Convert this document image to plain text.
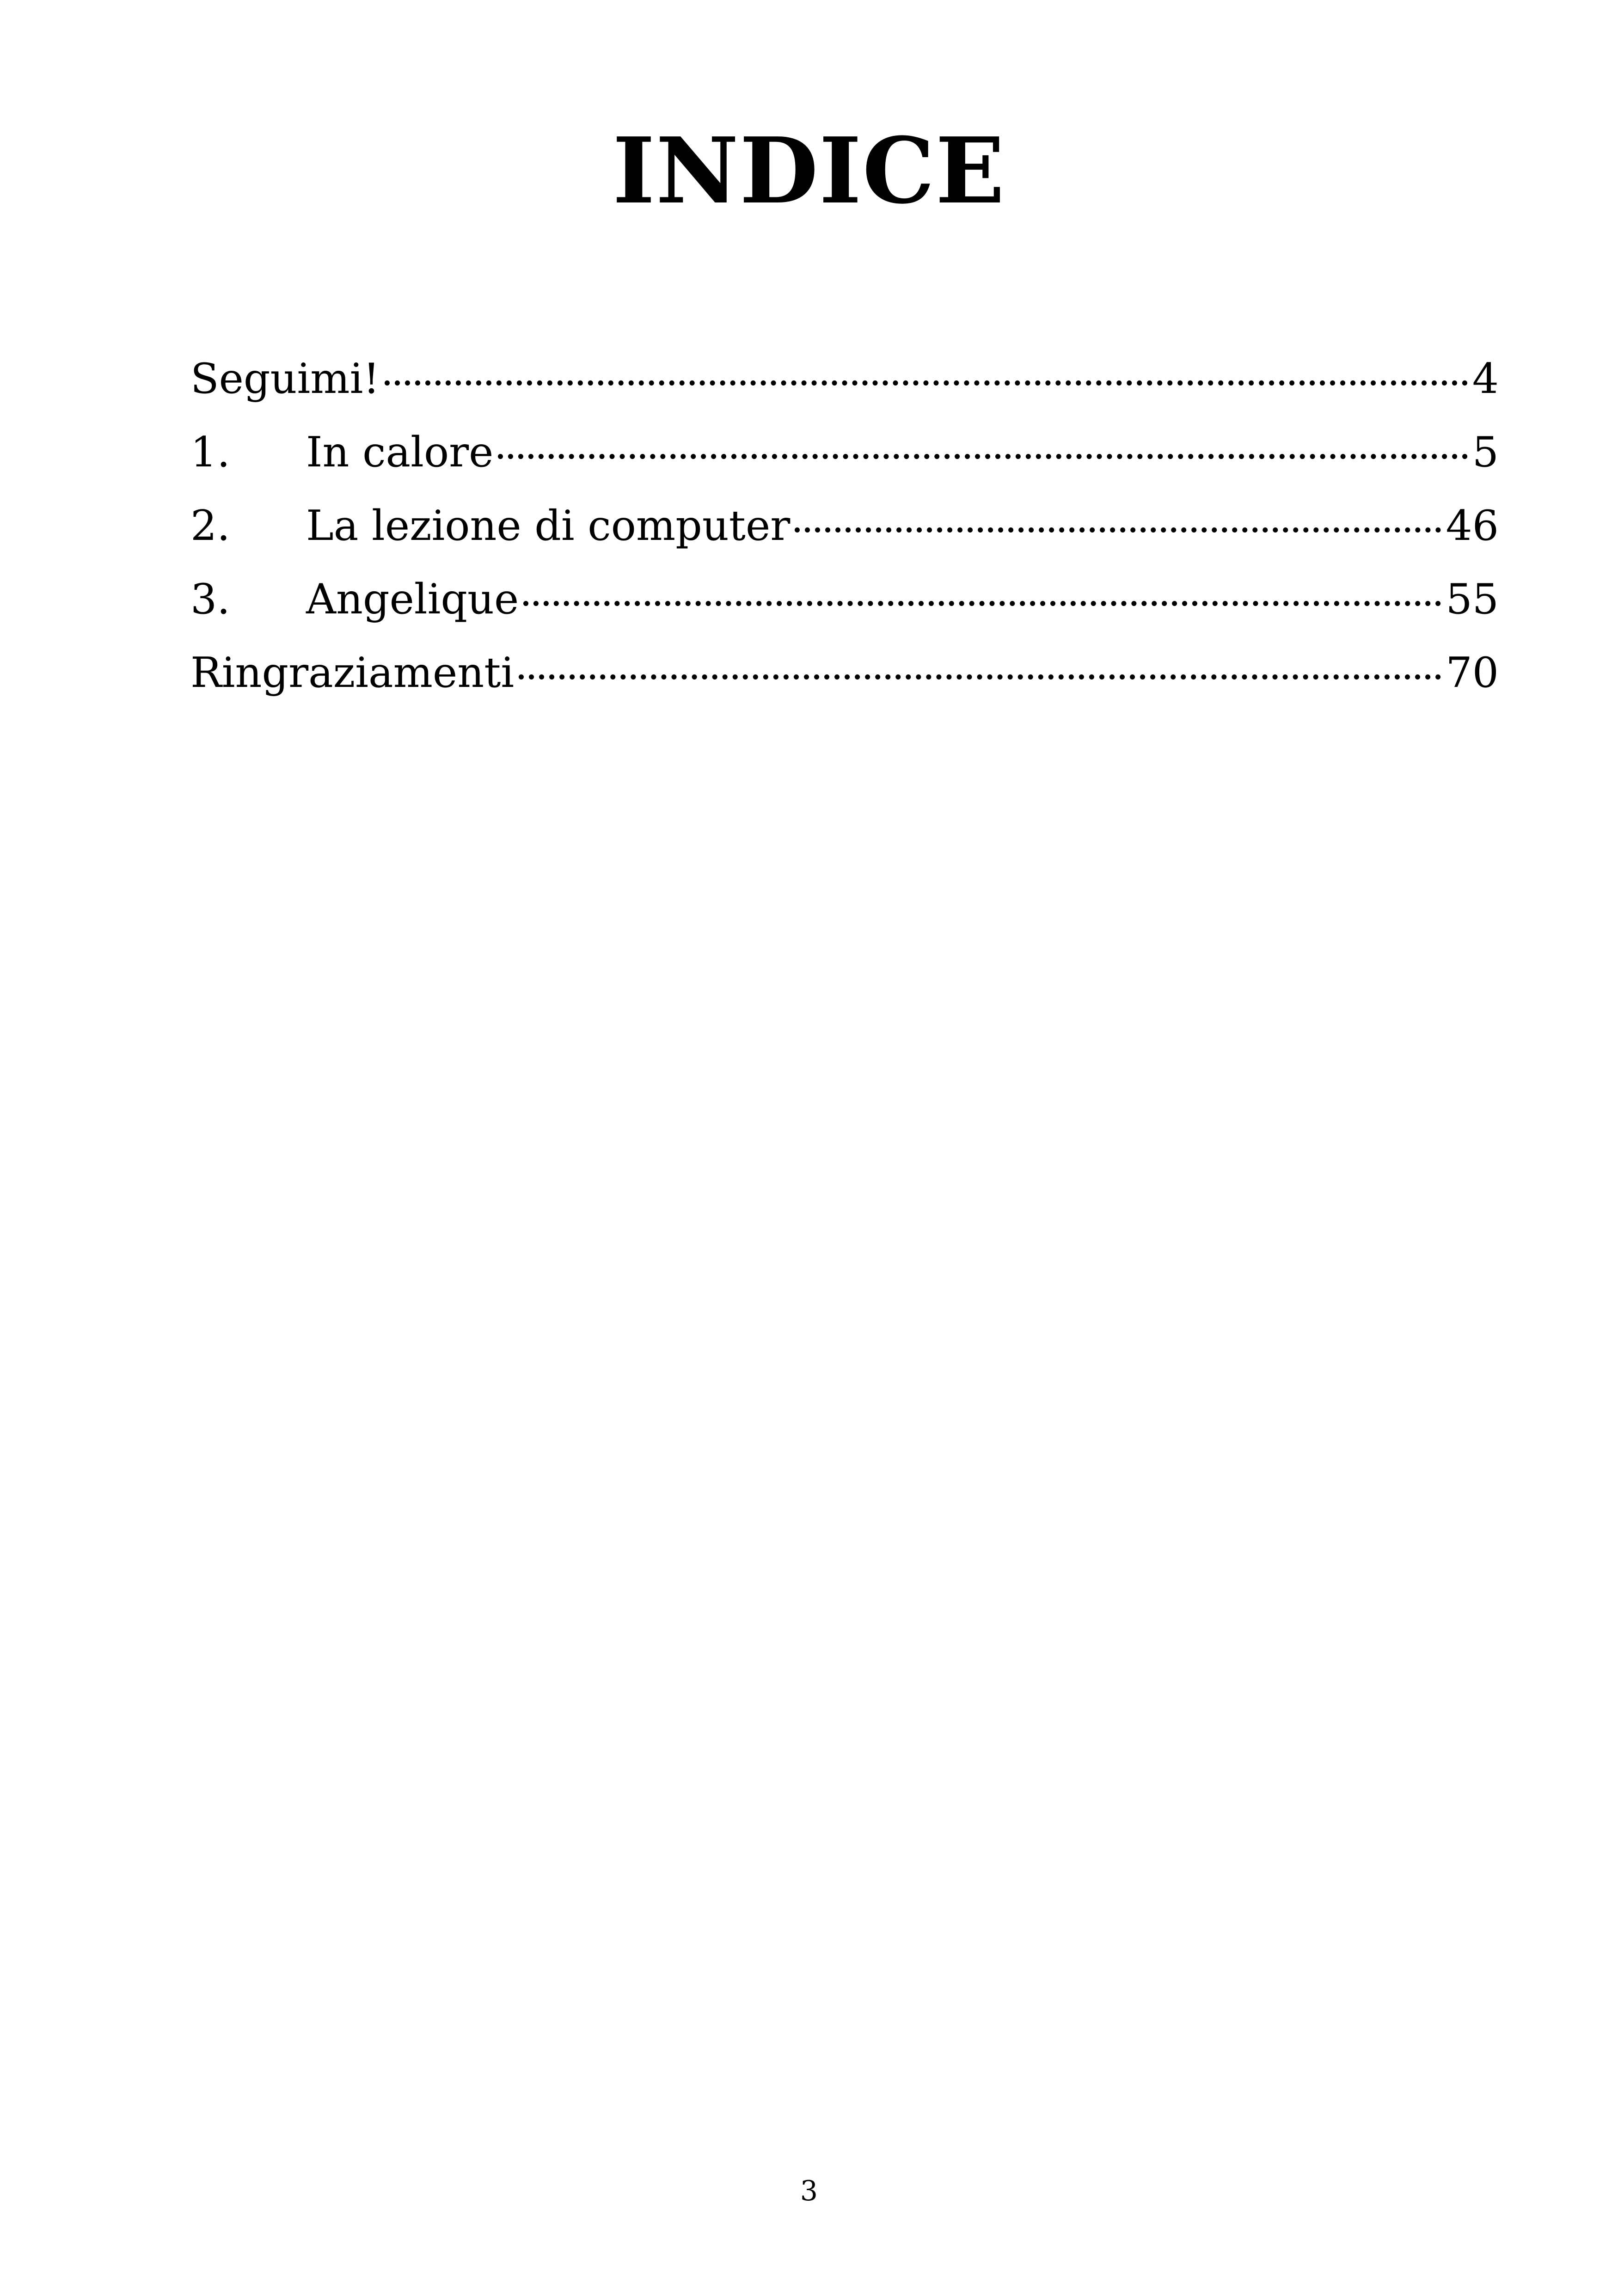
INDICE
Seguimi!	4
1.	In calore	5
2.	La lezione di computer	46
3.	Angelique	55
Ringraziamenti	70
3
